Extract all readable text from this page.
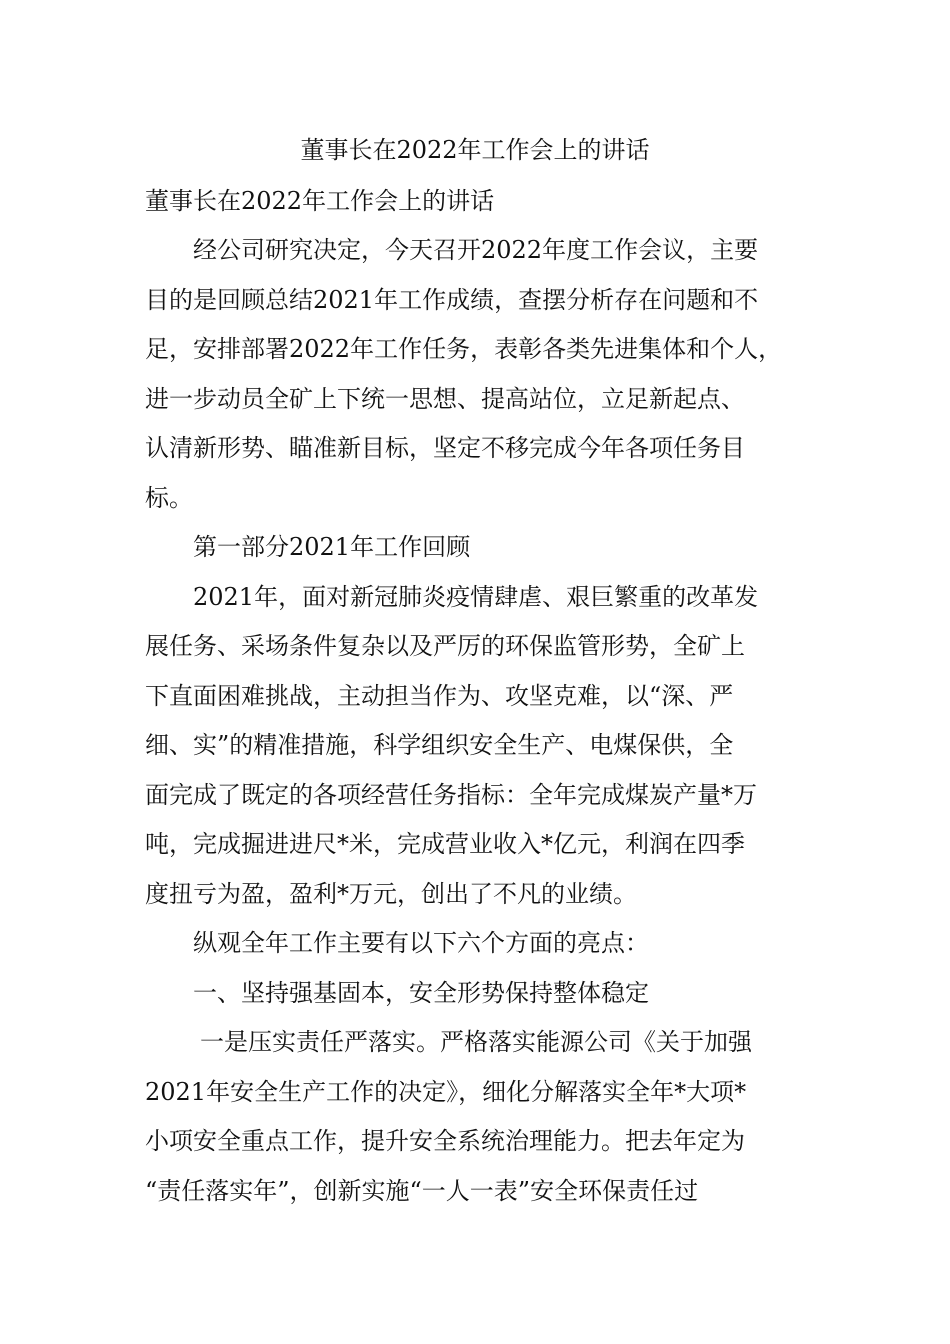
董事长在2022年工作会上的讲话
董事长在2022年工作会上的讲话
经公司研究决定，今天召开2022年度工作会议，主要
目的是回顾总结2021年工作成绩，查摆分析存在问题和不
足，安排部署2022年工作任务，表彰各类先进集体和个人，
进一步动员全矿上下统一思想、提高站位，立足新起点、
认清新形势、瞄准新目标，坚定不移完成今年各项任务目
标。
第一部分2021年工作回顾
2021年，面对新冠肺炎疫情肆虐、艰巨繁重的改革发
展任务、采场条件复杂以及严厉的环保监管形势，全矿上
下直面困难挑战，主动担当作为、攻坚克难，以“深、严
细、实”的精准措施，科学组织安全生产、电煤保供，全
面完成了既定的各项经营任务指标：全年完成煤炭产量*万
吨，完成掘进进尺*米，完成营业收入*亿元，利润在四季
度扭亏为盈，盈利*万元，创出了不凡的业绩。
纵观全年工作主要有以下六个方面的亮点：
一、坚持强基固本，安全形势保持整体稳定
一是压实责任严落实。严格落实能源公司《关于加强
2021年安全生产工作的决定》，细化分解落实全年*大项*
小项安全重点工作，提升安全系统治理能力。把去年定为
“责任落实年”，创新实施“一人一表”安全环保责任过
